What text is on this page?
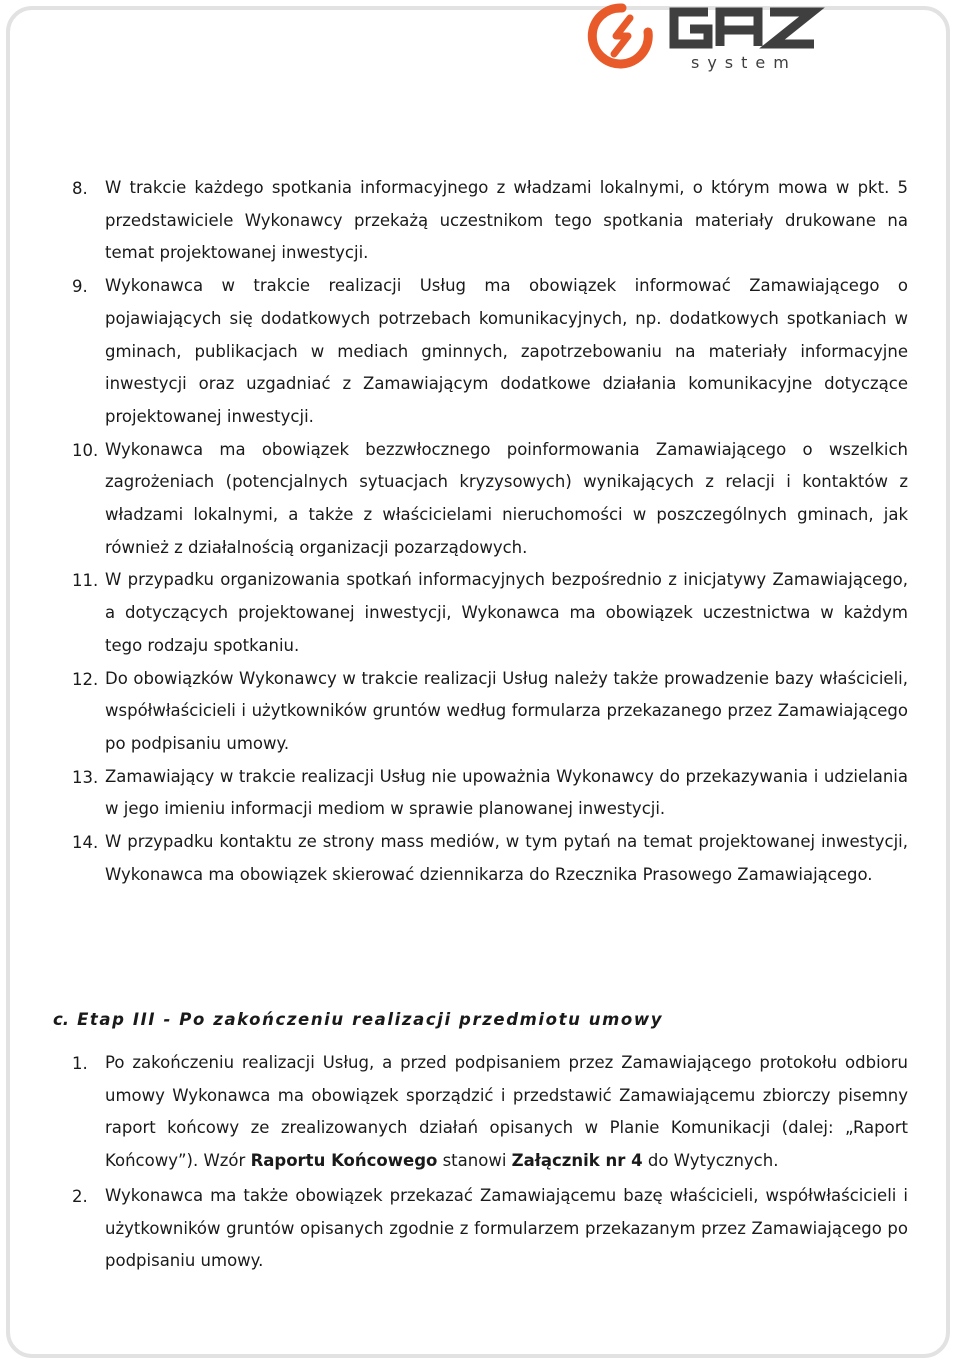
system
8. W trakcie każdego spotkania informacyjnego z władzami lokalnymi, o którym mowa w pkt. 5 przedstawiciele Wykonawcy przekażą uczestnikom tego spotkania materiały drukowane na temat projektowanej inwestycji.
9. Wykonawca w trakcie realizacji Usług ma obowiązek informować Zamawiającego o pojawiających się dodatkowych potrzebach komunikacyjnych, np. dodatkowych spotkaniach w gminach, publikacjach w mediach gminnych, zapotrzebowaniu na materiały informacyjne inwestycji oraz uzgadniać z Zamawiającym dodatkowe działania komunikacyjne dotyczące projektowanej inwestycji.
10. Wykonawca ma obowiązek bezzwłocznego poinformowania Zamawiającego o wszelkich zagrożeniach (potencjalnych sytuacjach kryzysowych) wynikających z relacji i kontaktów z władzami lokalnymi, a także z właścicielami nieruchomości w poszczególnych gminach, jak również z działalnością organizacji pozarządowych.
11. W przypadku organizowania spotkań informacyjnych bezpośrednio z inicjatywy Zamawiającego, a dotyczących projektowanej inwestycji, Wykonawca ma obowiązek uczestnictwa w każdym tego rodzaju spotkaniu.
12. Do obowiązków Wykonawcy w trakcie realizacji Usług należy także prowadzenie bazy właścicieli, współwłaścicieli i użytkowników gruntów według formularza przekazanego przez Zamawiającego po podpisaniu umowy.
13. Zamawiający w trakcie realizacji Usług nie upoważnia Wykonawcy do przekazywania i udzielania w jego imieniu informacji mediom w sprawie planowanej inwestycji.
14. W przypadku kontaktu ze strony mass mediów, w tym pytań na temat projektowanej inwestycji, Wykonawca ma obowiązek skierować dziennikarza do Rzecznika Prasowego Zamawiającego.
c. Etap III - Po zakończeniu realizacji przedmiotu umowy
1. Po zakończeniu realizacji Usług, a przed podpisaniem przez Zamawiającego protokołu odbioru umowy Wykonawca ma obowiązek sporządzić i przedstawić Zamawiającemu zbiorczy pisemny raport końcowy ze zrealizowanych działań opisanych w Planie Komunikacji (dalej: „Raport Końcowy”). Wzór Raportu Końcowego stanowi Załącznik nr 4 do Wytycznych.
2. Wykonawca ma także obowiązek przekazać Zamawiającemu bazę właścicieli, współwłaścicieli i użytkowników gruntów opisanych zgodnie z formularzem przekazanym przez Zamawiającego po podpisaniu umowy.
